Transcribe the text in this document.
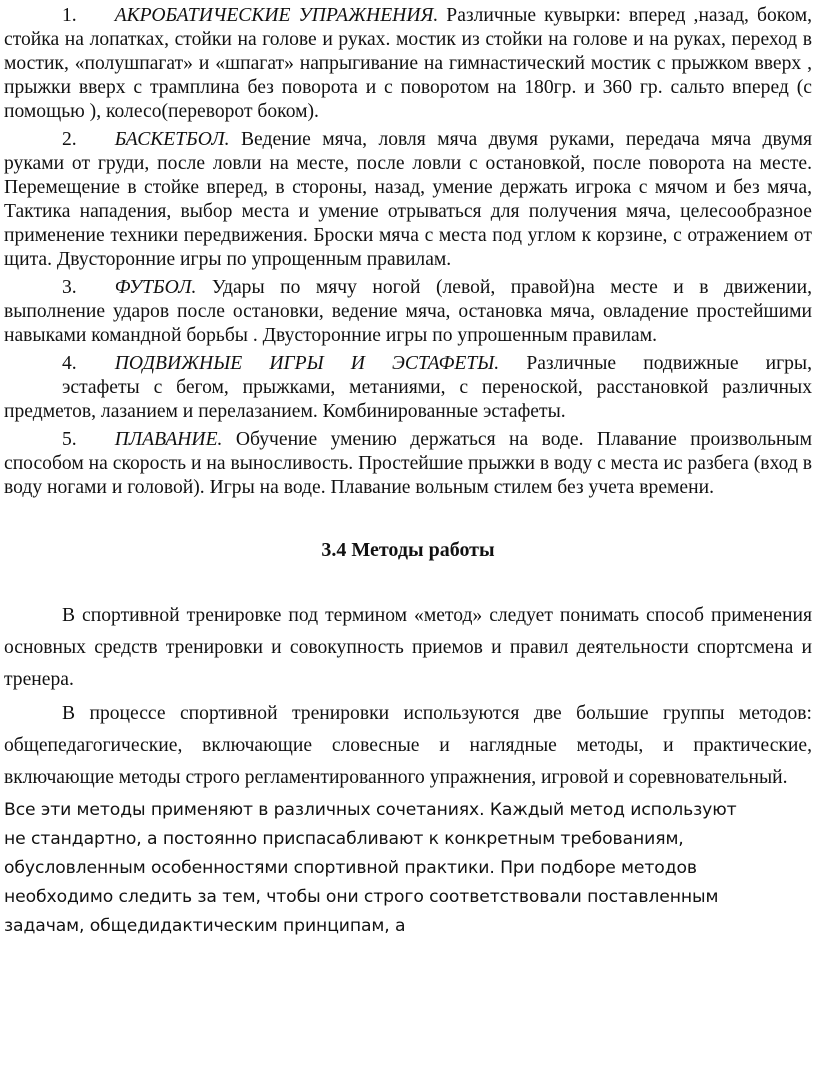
1. АКРОБАТИЧЕСКИЕ УПРАЖНЕНИЯ. Различные кувырки: вперед ,назад, боком, стойка на лопатках, стойки на голове и руках. мостик из стойки на голове и на руках, переход в мостик, «полушпагат» и «шпагат» напрыгивание на гимнастический мостик с прыжком вверх , прыжки вверх с трамплина без поворота и с поворотом на 180гр. и 360 гр. сальто вперед (с помощью ), колесо(переворот боком).
2. БАСКЕТБОЛ. Ведение мяча, ловля мяча двумя руками, передача мяча двумя руками от груди, после ловли на месте, после ловли с остановкой, после поворота на месте. Перемещение в стойке вперед, в стороны, назад, умение держать игрока с мячом и без мяча, Тактика нападения, выбор места и умение отрываться для получения мяча, целесообразное применение техники передвижения. Броски мяча с места под углом к корзине, с отражением от щита. Двусторонние игры по упрощенным правилам.
3. ФУТБОЛ. Удары по мячу ногой (левой, правой)на месте и в движении, выполнение ударов после остановки, ведение мяча, остановка мяча, овладение простейшими навыками командной борьбы . Двусторонние игры по упрошенным правилам.
4. ПОДВИЖНЫЕ ИГРЫ И ЭСТАФЕТЫ. Различные подвижные игры,
эстафеты с бегом, прыжками, метаниями, с переноской, расстановкой различных предметов, лазанием и перелазанием. Комбинированные эстафеты.
5. ПЛАВАНИЕ. Обучение умению держаться на воде. Плавание произвольным способом на скорость и на выносливость. Простейшие прыжки в воду с места ис разбега (вход в воду ногами и головой). Игры на воде. Плавание вольным стилем без учета времени.
3.4 Методы работы

В спортивной тренировке под термином «метод» следует понимать способ применения основных средств тренировки и совокупность приемов и правил деятельности спортсмена и тренера.

В процессе спортивной тренировки используются две большие группы методов: общепедагогические, включающие словесные и наглядные методы, и практические, включающие методы строго регламентированного упражнения, игровой и соревновательный.

Все эти методы применяют в различных сочетаниях. Каждый метод используют
не стандартно, а постоянно приспасабливают к конкретным требованиям,
обусловленным особенностями спортивной практики. При подборе методов
необходимо следить за тем, чтобы они строго соответствовали поставленным
задачам, общедидактическим принципам, а
